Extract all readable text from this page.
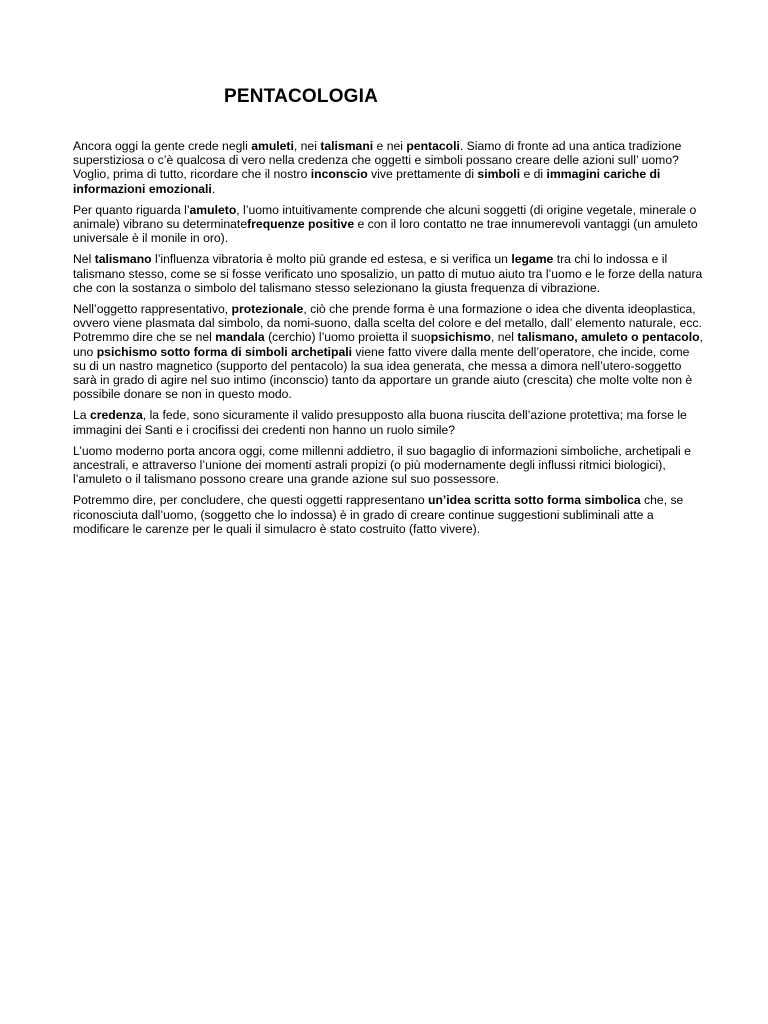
PENTACOLOGIA

Ancora oggi la gente crede negli amuleti, nei talismani e nei pentacoli. Siamo di fronte ad una antica tradizione superstiziosa o c’è qualcosa di vero nella credenza che oggetti e simboli possano creare delle azioni sull’ uomo? Voglio, prima di tutto, ricordare che il nostro inconscio vive prettamente di simboli e di immagini cariche di informazioni emozionali.

Per quanto riguarda l’amuleto, l’uomo intuitivamente comprende che alcuni soggetti (di origine vegetale, minerale o animale) vibrano su determinatefrequenze positive e con il loro contatto ne trae innumerevoli vantaggi (un amuleto universale è il monile in oro).

Nel talismano l’influenza vibratoria è molto più grande ed estesa, e si verifica un legame tra chi lo indossa e il talismano stesso, come se si fosse verificato uno sposalizio, un patto di mutuo aiuto tra l’uomo e le forze della natura che con la sostanza o simbolo del talismano stesso selezionano la giusta frequenza di vibrazione.

Nell’oggetto rappresentativo, protezionale, ciò che prende forma è una formazione o idea che diventa ideoplastica, ovvero viene plasmata dal simbolo, da nomi-suono, dalla scelta del colore e del metallo, dall’ elemento naturale, ecc. Potremmo dire che se nel mandala (cerchio) l’uomo proietta il suopsichismo, nel talismano, amuleto o pentacolo, uno psichismo sotto forma di simboli archetipali viene fatto vivere dalla mente dell’operatore, che incide, come su di un nastro magnetico (supporto del pentacolo) la sua idea generata, che messa a dimora nell’utero-soggetto sarà in grado di agire nel suo intimo (inconscio) tanto da apportare un grande aiuto (crescita) che molte volte non è possibile donare se non in questo modo.

La credenza, la fede, sono sicuramente il valido presupposto alla buona riuscita dell’azione protettiva; ma forse le immagini dei Santi e i crocifissi dei credenti non hanno un ruolo simile?

L’uomo moderno porta ancora oggi, come millenni addietro, il suo bagaglio di informazioni simboliche, archetipali e ancestrali, e attraverso l’unione dei momenti astrali propizi (o più modernamente degli influssi ritmici biologici), l’amuleto o il talismano possono creare una grande azione sul suo possessore.

Potremmo dire, per concludere, che questi oggetti rappresentano un’idea scritta sotto forma simbolica che, se riconosciuta dall’uomo, (soggetto che lo indossa) è in grado di creare continue suggestioni subliminali atte a modificare le carenze per le quali il simulacro è stato costruito (fatto vivere).
